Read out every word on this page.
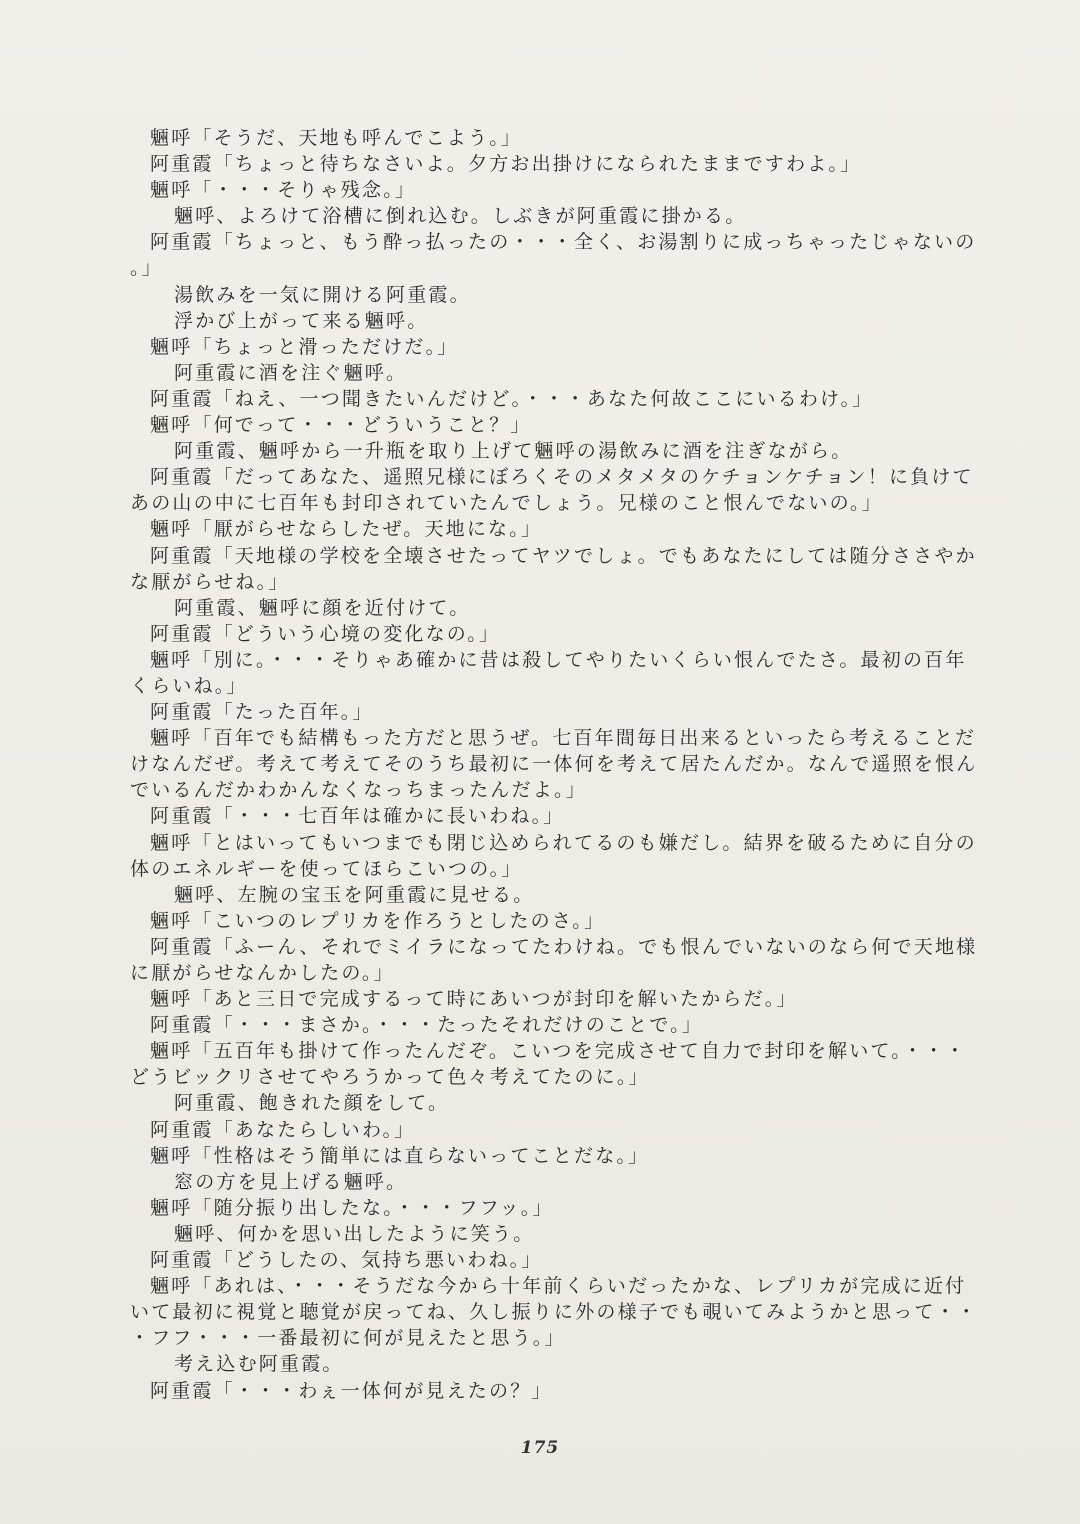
魎呼「そうだ、天地も呼んでこよう。」
阿重霞「ちょっと待ちなさいよ。夕方お出掛けになられたままですわよ。」
魎呼「・・・そりゃ残念。」
魎呼、よろけて浴槽に倒れ込む。しぶきが阿重霞に掛かる。
阿重霞「ちょっと、もう酔っ払ったの・・・全く、お湯割りに成っちゃったじゃないの
。」
湯飲みを一気に開ける阿重霞。
浮かび上がって来る魎呼。
魎呼「ちょっと滑っただけだ。」
阿重霞に酒を注ぐ魎呼。
阿重霞「ねえ、一つ聞きたいんだけど。・・・あなた何故ここにいるわけ。」
魎呼「何でって・・・どういうこと？」
阿重霞、魎呼から一升瓶を取り上げて魎呼の湯飲みに酒を注ぎながら。
阿重霞「だってあなた、遥照兄様にぼろくそのメタメタのケチョンケチョン！に負けて
あの山の中に七百年も封印されていたんでしょう。兄様のこと恨んでないの。」
魎呼「厭がらせならしたぜ。天地にな。」
阿重霞「天地様の学校を全壊させたってヤツでしょ。でもあなたにしては随分ささやか
な厭がらせね。」
阿重霞、魎呼に顔を近付けて。
阿重霞「どういう心境の変化なの。」
魎呼「別に。・・・そりゃあ確かに昔は殺してやりたいくらい恨んでたさ。最初の百年
くらいね。」
阿重霞「たった百年。」
魎呼「百年でも結構もった方だと思うぜ。七百年間毎日出来るといったら考えることだ
けなんだぜ。考えて考えてそのうち最初に一体何を考えて居たんだか。なんで遥照を恨ん
でいるんだかわかんなくなっちまったんだよ。」
阿重霞「・・・七百年は確かに長いわね。」
魎呼「とはいってもいつまでも閉じ込められてるのも嫌だし。結界を破るために自分の
体のエネルギーを使ってほらこいつの。」
魎呼、左腕の宝玉を阿重霞に見せる。
魎呼「こいつのレプリカを作ろうとしたのさ。」
阿重霞「ふーん、それでミイラになってたわけね。でも恨んでいないのなら何で天地様
に厭がらせなんかしたの。」
魎呼「あと三日で完成するって時にあいつが封印を解いたからだ。」
阿重霞「・・・まさか。・・・たったそれだけのことで。」
魎呼「五百年も掛けて作ったんだぞ。こいつを完成させて自力で封印を解いて。・・・
どうビックリさせてやろうかって色々考えてたのに。」
阿重霞、飽きれた顔をして。
阿重霞「あなたらしいわ。」
魎呼「性格はそう簡単には直らないってことだな。」
窓の方を見上げる魎呼。
魎呼「随分振り出したな。・・・フフッ。」
魎呼、何かを思い出したように笑う。
阿重霞「どうしたの、気持ち悪いわね。」
魎呼「あれは、・・・そうだな今から十年前くらいだったかな、レプリカが完成に近付
いて最初に視覚と聴覚が戻ってね、久し振りに外の様子でも覗いてみようかと思って・・
・フフ・・・一番最初に何が見えたと思う。」
考え込む阿重霞。
阿重霞「・・・わぇ一体何が見えたの？」
175
